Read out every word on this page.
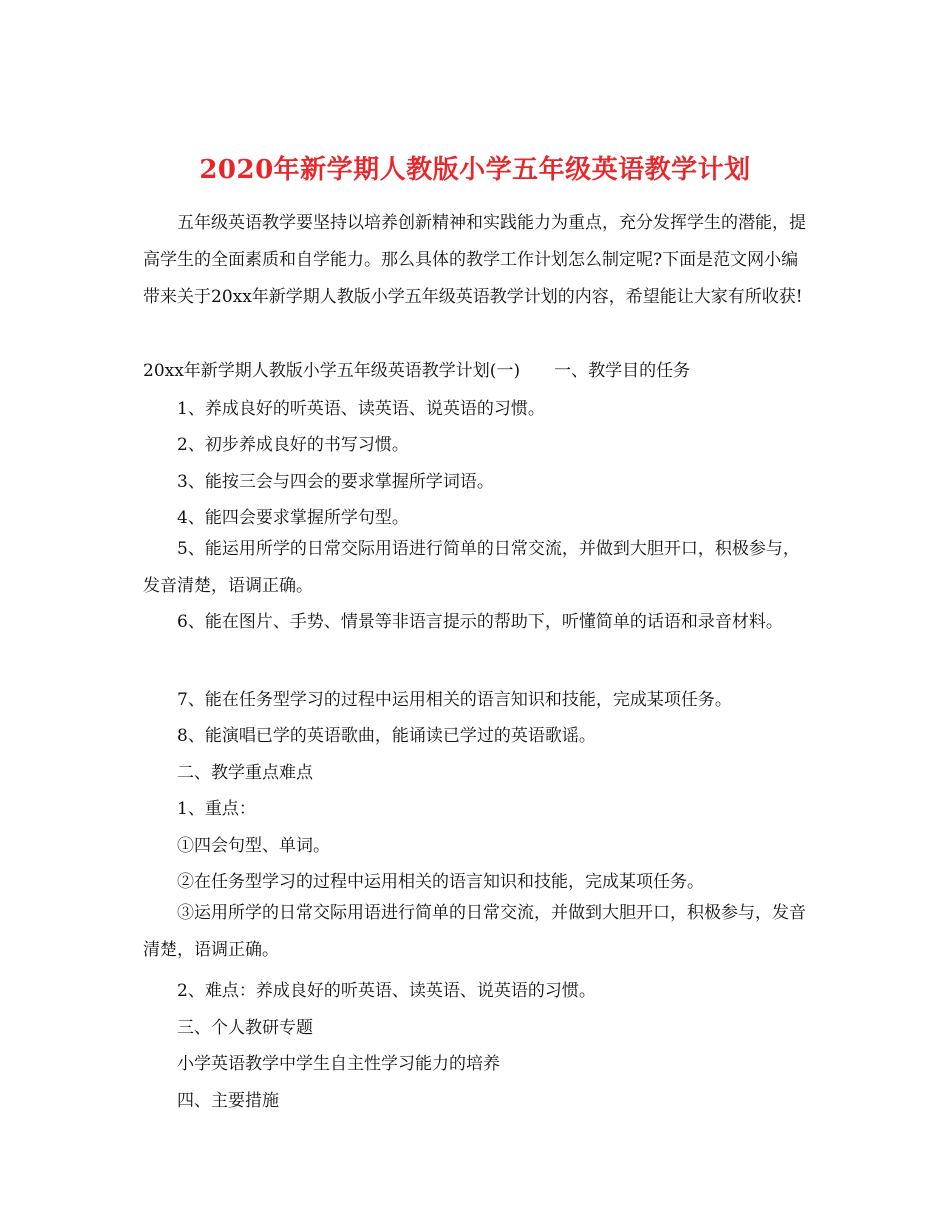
2020年新学期人教版小学五年级英语教学计划

五年级英语教学要坚持以培养创新精神和实践能力为重点，充分发挥学生的潜能，提高学生的全面素质和自学能力。那么具体的教学工作计划怎么制定呢?下面是范文网小编带来关于20xx年新学期人教版小学五年级英语教学计划的内容，希望能让大家有所收获!

20xx年新学期人教版小学五年级英语教学计划(一)　　一、教学目的任务

1、养成良好的听英语、读英语、说英语的习惯。

2、初步养成良好的书写习惯。

3、能按三会与四会的要求掌握所学词语。

4、能四会要求掌握所学句型。

5、能运用所学的日常交际用语进行简单的日常交流，并做到大胆开口，积极参与，发音清楚，语调正确。

6、能在图片、手势、情景等非语言提示的帮助下，听懂简单的话语和录音材料。

7、能在任务型学习的过程中运用相关的语言知识和技能，完成某项任务。

8、能演唱已学的英语歌曲，能诵读已学过的英语歌谣。

二、教学重点难点

1、重点：

①四会句型、单词。

②在任务型学习的过程中运用相关的语言知识和技能，完成某项任务。

③运用所学的日常交际用语进行简单的日常交流，并做到大胆开口，积极参与，发音清楚，语调正确。

2、难点：养成良好的听英语、读英语、说英语的习惯。

三、个人教研专题

小学英语教学中学生自主性学习能力的培养

四、主要措施
